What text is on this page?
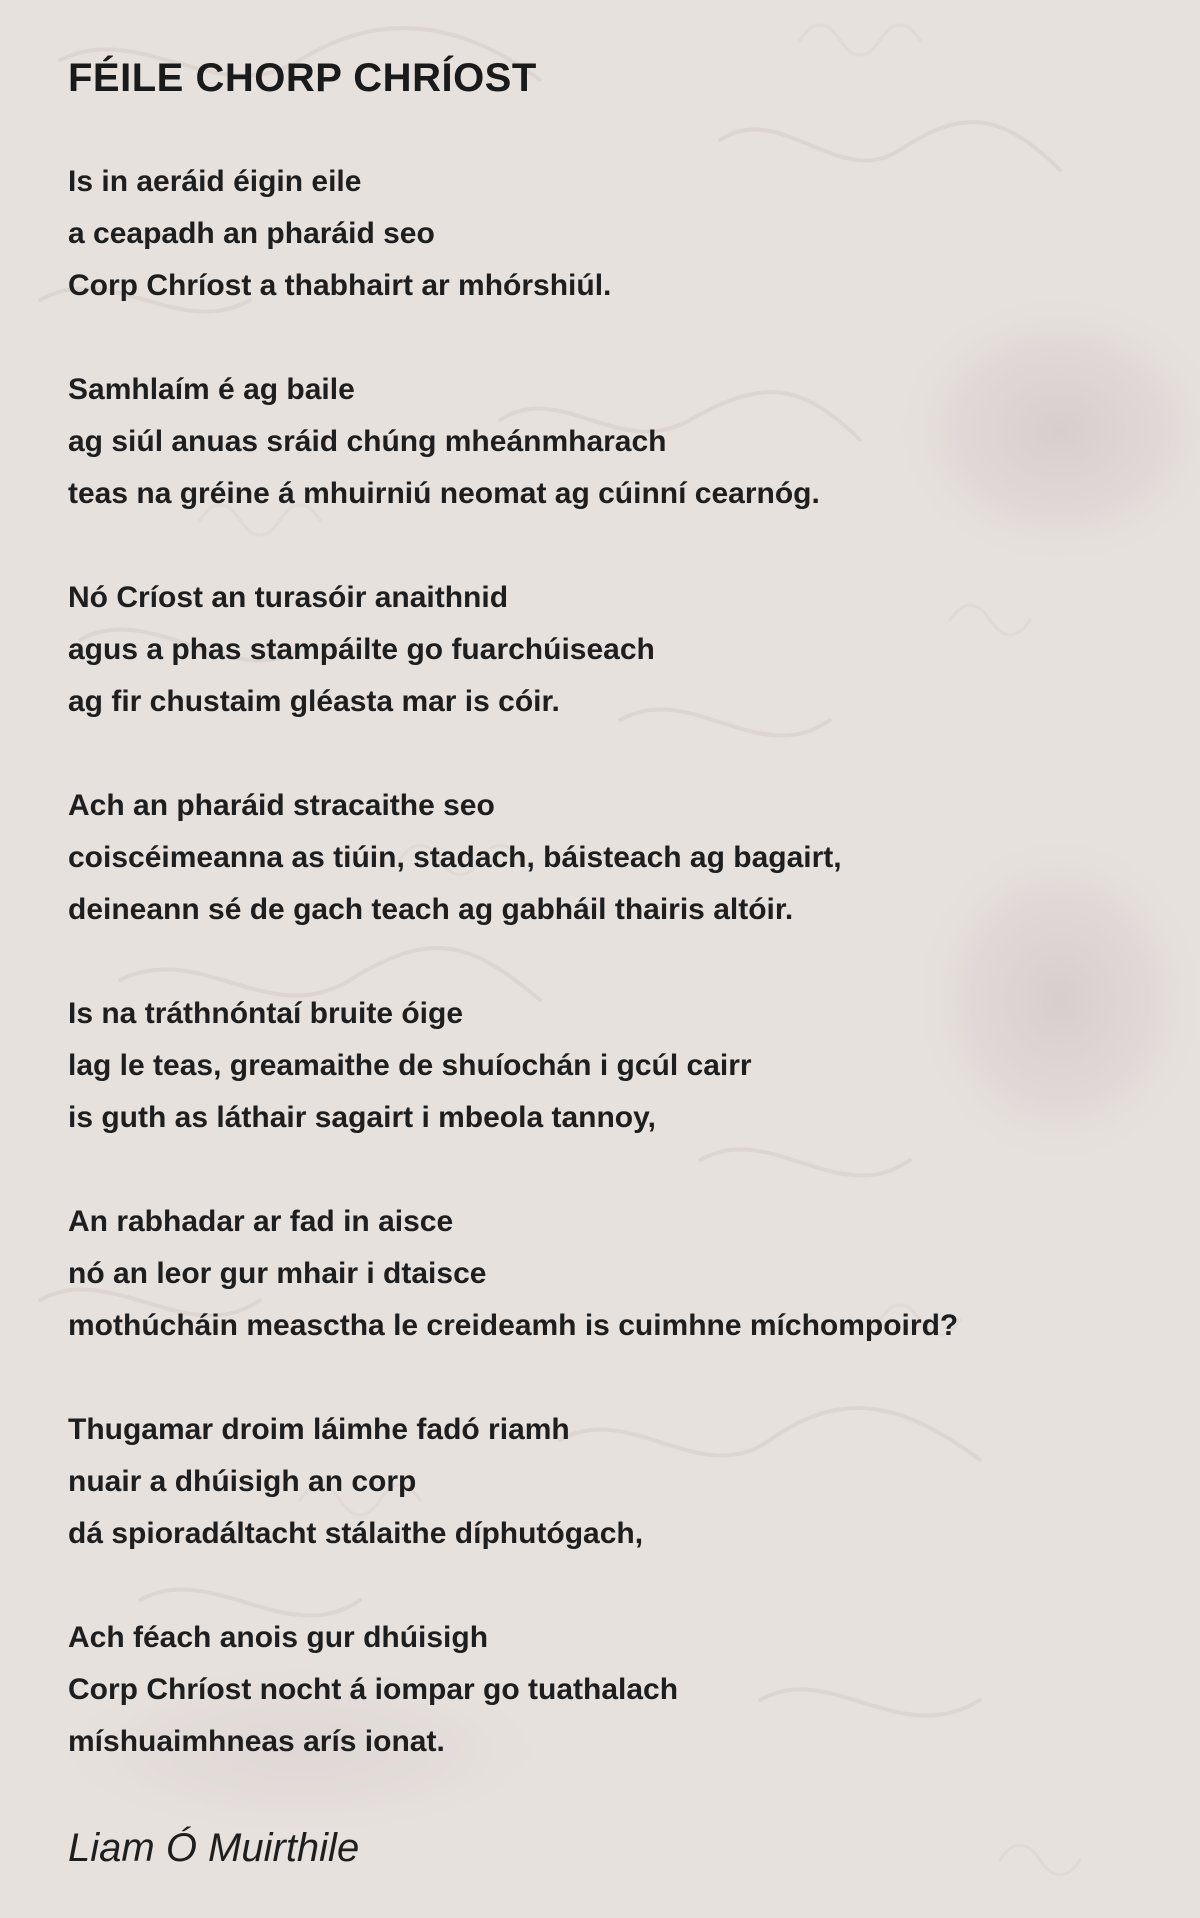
FÉILE CHORP CHRÍOST
Is in aeráid éigin eile
a ceapadh an pharáid seo
Corp Chríost a thabhairt ar mhórshiúl.
Samhlaím é ag baile
ag siúl anuas sráid chúng mheánmharach
teas na gréine á mhuirniú neomat ag cúinní cearnóg.
Nó Críost an turasóir anaithnid
agus a phas stampáilte go fuarchúiseach
ag fir chustaim gléasta mar is cóir.
Ach an pharáid stracaithe seo
coiscéimeanna as tiúin, stadach, báisteach ag bagairt,
deineann sé de gach teach ag gabháil thairis altóir.
Is na tráthnóntaí bruite óige
lag le teas, greamaithe de shuíochán i gcúl cairr
is guth as láthair sagairt i mbeola tannoy,
An rabhadar ar fad in aisce
nó an leor gur mhair i dtaisce
mothúcháin measctha le creideamh is cuimhne míchompoird?
Thugamar droim láimhe fadó riamh
nuair a dhúisigh an corp
dá spioradáltacht stálaithe díphutógach,
Ach féach anois gur dhúisigh
Corp Chríost nocht á iompar go tuathalach
míshuaimhneas arís ionat.
Liam Ó Muirthile
